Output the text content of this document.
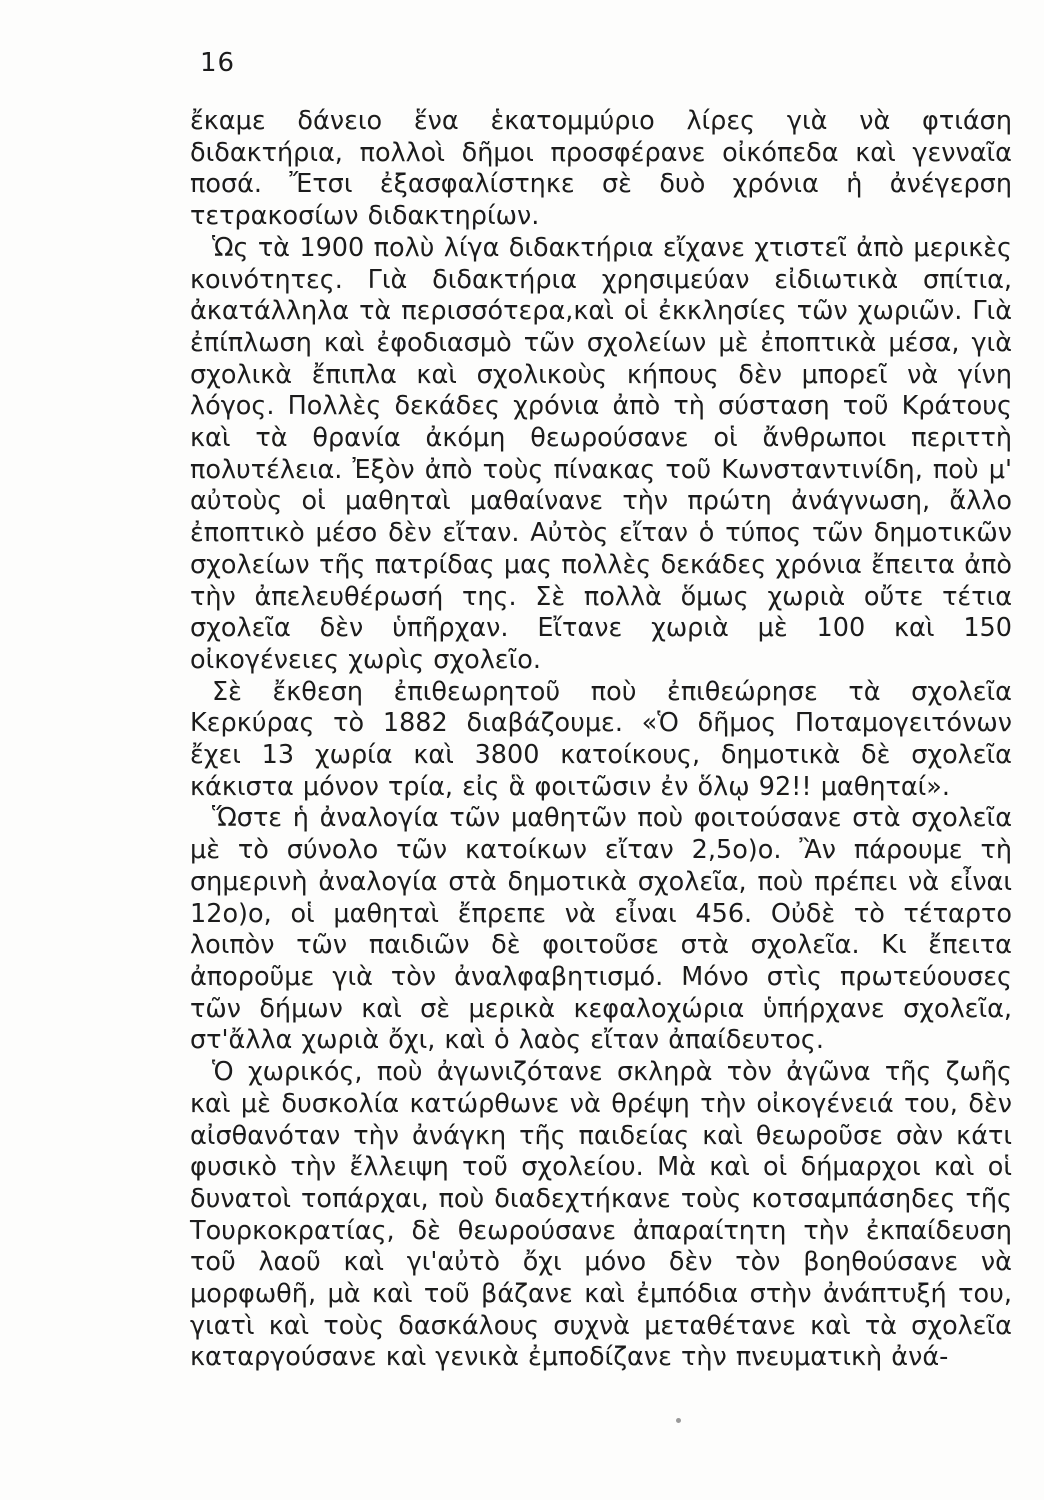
16

ἔκαμε δάνειο ἕνα ἑκατομμύριο λίρες γιὰ νὰ φτιάση διδακτήρια, πολλοὶ δῆμοι προσφέρανε οἰκόπεδα καὶ γενναῖα ποσά. Ἔτσι ἐξασφαλίστηκε σὲ δυὸ χρόνια ἡ ἀνέγερση τετρακοσίων διδακτηρίων.

Ὡς τὰ 1900 πολὺ λίγα διδακτήρια εἴχανε χτιστεῖ ἀπὸ μερικὲς κοινότητες. Γιὰ διδακτήρια χρησιμεύαν εἰδιωτικὰ σπίτια, ἀκατάλληλα τὰ περισσότερα,καὶ οἱ ἐκκλησίες τῶν χωριῶν. Γιὰ ἐπίπλωση καὶ ἐφοδιασμὸ τῶν σχολείων μὲ ἐποπτικὰ μέσα, γιὰ σχολικὰ ἔπιπλα καὶ σχολικοὺς κήπους δὲν μπορεῖ νὰ γίνη λόγος. Πολλὲς δεκάδες χρόνια ἀπὸ τὴ σύσταση τοῦ Κράτους καὶ τὰ θρανία ἀκόμη θεωρούσανε οἱ ἄνθρωποι περιττὴ πολυτέλεια. Ἐξὸν ἀπὸ τοὺς πίνακας τοῦ Κωνσταντινίδη, ποὺ μ' αὐτοὺς οἱ μαθηταὶ μαθαίνανε τὴν πρώτη ἀνάγνωση, ἄλλο ἐποπτικὸ μέσο δὲν εἴταν. Αὐτὸς εἴταν ὁ τύπος τῶν δημοτικῶν σχολείων τῆς πατρίδας μας πολλὲς δεκάδες χρόνια ἔπειτα ἀπὸ τὴν ἀπελευθέρωσή της. Σὲ πολλὰ ὅμως χωριὰ οὔτε τέτια σχολεῖα δὲν ὑπῆρχαν. Εἴτανε χωριὰ μὲ 100 καὶ 150 οἰκογένειες χωρὶς σχολεῖο.

Σὲ ἔκθεση ἐπιθεωρητοῦ ποὺ ἐπιθεώρησε τὰ σχολεῖα Κερκύρας τὸ 1882 διαβάζουμε. «Ὁ δῆμος Ποταμογειτόνων ἔχει 13 χωρία καὶ 3800 κατοίκους, δημοτικὰ δὲ σχολεῖα κάκιστα μόνον τρία, εἰς ἃ φοιτῶσιν ἐν ὅλῳ 92!! μαθηταί».

Ὥστε ἡ ἀναλογία τῶν μαθητῶν ποὺ φοιτούσανε στὰ σχολεῖα μὲ τὸ σύνολο τῶν κατοίκων εἴταν 2,5ο)ο. Ἂν πάρουμε τὴ σημερινὴ ἀναλογία στὰ δημοτικὰ σχολεῖα, ποὺ πρέπει νὰ εἶναι 12ο)ο, οἱ μαθηταὶ ἔπρεπε νὰ εἶναι 456. Οὐδὲ τὸ τέταρτο λοιπὸν τῶν παιδιῶν δὲ φοιτοῦσε στὰ σχολεῖα. Κι ἔπειτα ἀποροῦμε γιὰ τὸν ἀναλφαβητισμό. Μόνο στὶς πρωτεύουσες τῶν δήμων καὶ σὲ μερικὰ κεφαλοχώρια ὑπήρχανε σχολεῖα, στ'ἄλλα χωριὰ ὄχι, καὶ ὁ λαὸς εἴταν ἀπαίδευτος.

Ὁ χωρικός, ποὺ ἀγωνιζότανε σκληρὰ τὸν ἀγῶνα τῆς ζωῆς καὶ μὲ δυσκολία κατώρθωνε νὰ θρέψη τὴν οἰκογένειά του, δὲν αἰσθανόταν τὴν ἀνάγκη τῆς παιδείας καὶ θεωροῦσε σὰν κάτι φυσικὸ τὴν ἔλλειψη τοῦ σχολείου. Μὰ καὶ οἱ δήμαρχοι καὶ οἱ δυνατοὶ τοπάρχαι, ποὺ διαδεχτήκανε τοὺς κοτσαμπάσηδες τῆς Τουρκοκρατίας, δὲ θεωρούσανε ἀπαραίτητη τὴν ἐκπαίδευση τοῦ λαοῦ καὶ γι'αὐτὸ ὄχι μόνο δὲν τὸν βοηθούσανε νὰ μορφωθῆ, μὰ καὶ τοῦ βάζανε καὶ ἐμπόδια στὴν ἀνάπτυξή του, γιατὶ καὶ τοὺς δασκάλους συχνὰ μεταθέτανε καὶ τὰ σχολεῖα καταργούσανε καὶ γενικὰ ἐμποδίζανε τὴν πνευματικὴ ἀνά-
